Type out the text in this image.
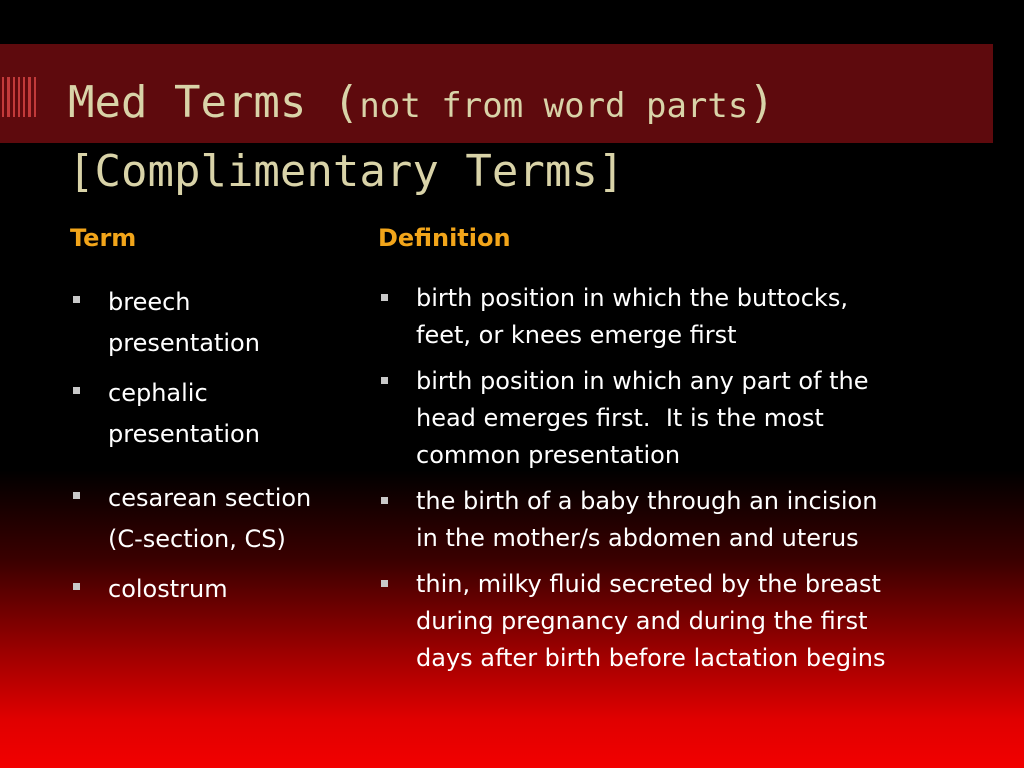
Med Terms (not from word parts)
[Complimentary Terms]
Term	Definition
breech
presentation
cephalic
presentation
cesarean section
(C-section, CS)
colostrum
birth position in which the buttocks,
feet, or knees emerge first
birth position in which any part of the
head emerges first.  It is the most
common presentation
the birth of a baby through an incision
in the mother/s abdomen and uterus
thin, milky fluid secreted by the breast
during pregnancy and during the first
days after birth before lactation begins
